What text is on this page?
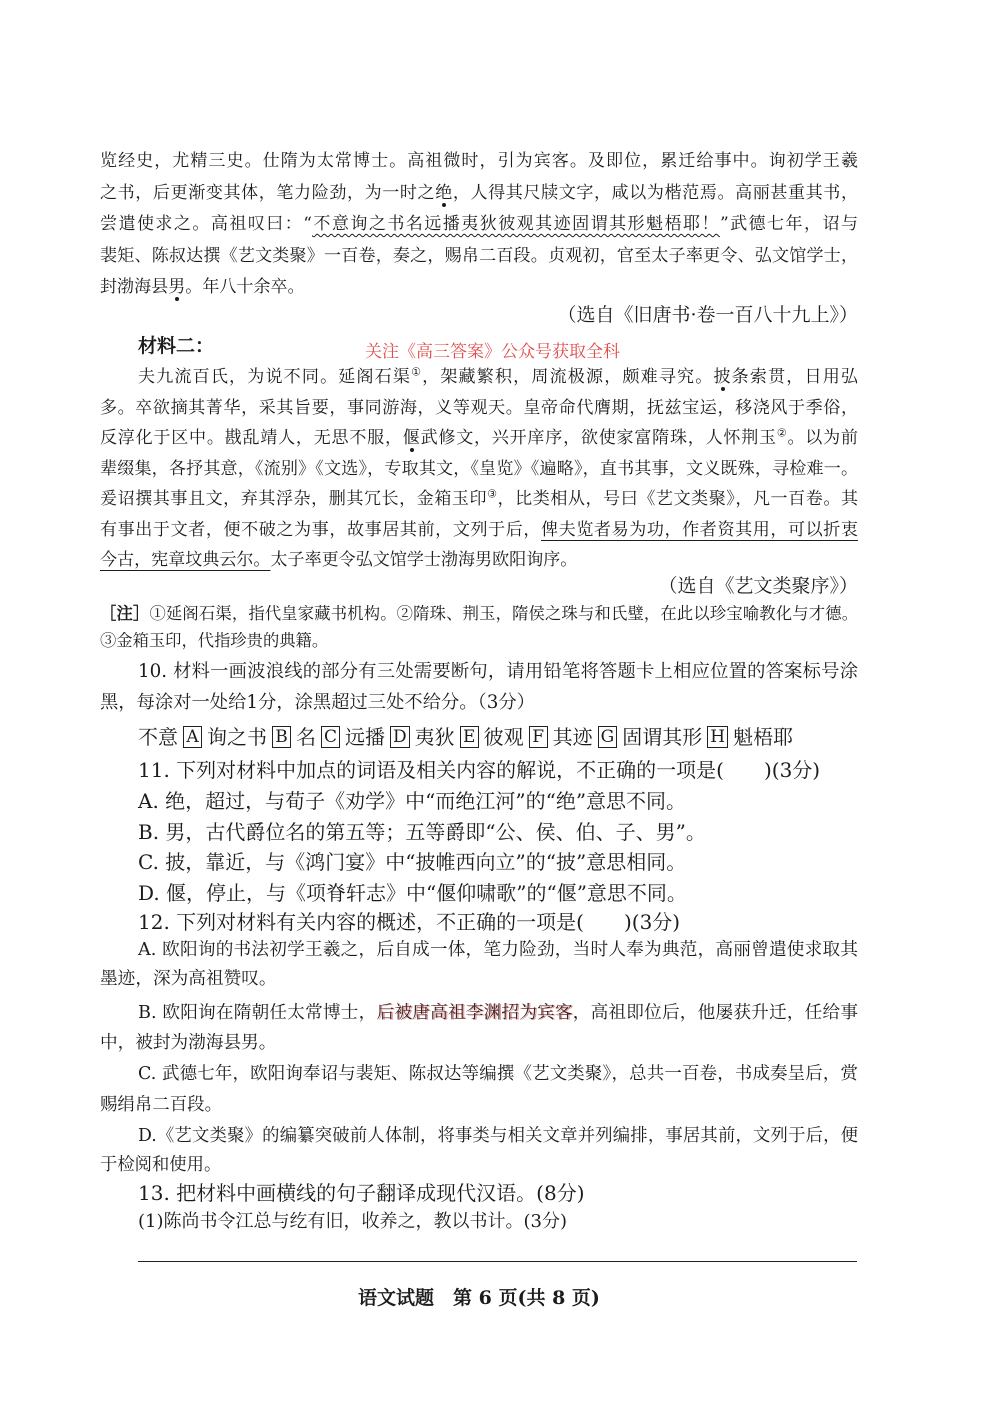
览经史，尤精三史。仕隋为太常博士。高祖微时，引为宾客。及即位，累迁给事中。询初学王羲
之书，后更渐变其体，笔力险劲，为一时之绝，人得其尺牍文字，咸以为楷范焉。高丽甚重其书，
尝遣使求之。高祖叹曰：“不意询之书名远播夷狄彼观其迹固谓其形魁梧耶！”武德七年，诏与
裴矩、陈叔达撰《艺文类聚》一百卷，奏之，赐帛二百段。贞观初，官至太子率更令、弘文馆学士，
封渤海县男。年八十余卒。
（选自《旧唐书·卷一百八十九上》）
材料二：	关注《高三答案》公众号获取全科
夫九流百氏，为说不同。延阁石渠①，架藏繁积，周流极源，颇难寻究。披条索贯，日用弘
多。卒欲摘其菁华，采其旨要，事同游海，义等观天。皇帝命代膺期，抚兹宝运，移浇风于季俗，
反淳化于区中。戡乱靖人，无思不服，偃武修文，兴开庠序，欲使家富隋珠，人怀荆玉②。以为前
辈缀集，各抒其意，《流别》《文选》，专取其文，《皇览》《遍略》，直书其事，文义既殊，寻检难一。
爰诏撰其事且文，弃其浮杂，删其冗长，金箱玉印③，比类相从，号曰《艺文类聚》，凡一百卷。其
有事出于文者，便不破之为事，故事居其前，文列于后，俾夫览者易为功，作者资其用，可以折衷
今古，宪章坟典云尔。太子率更令弘文馆学士渤海男欧阳询序。
（选自《艺文类聚序》）
［注］①延阁石渠，指代皇家藏书机构。②隋珠、荆玉，隋侯之珠与和氏璧，在此以珍宝喻教化与才德。
③金箱玉印，代指珍贵的典籍。
10. 材料一画波浪线的部分有三处需要断句，请用铅笔将答题卡上相应位置的答案标号涂
黑，每涂对一处给1分，涂黑超过三处不给分。（3分）
不意 A 询之书 B 名 C 远播 D 夷狄 E 彼观 F 其迹 G 固谓其形 H 魁梧耶
11. 下列对材料中加点的词语及相关内容的解说，不正确的一项是(　　)(3分)
A. 绝，超过，与荀子《劝学》中“而绝江河”的“绝”意思不同。
B. 男，古代爵位名的第五等；五等爵即“公、侯、伯、子、男”。
C. 披，靠近，与《鸿门宴》中“披帷西向立”的“披”意思相同。
D. 偃，停止，与《项脊轩志》中“偃仰啸歌”的“偃”意思不同。
12. 下列对材料有关内容的概述，不正确的一项是(　　)(3分)
A. 欧阳询的书法初学王羲之，后自成一体，笔力险劲，当时人奉为典范，高丽曾遣使求取其
墨迹，深为高祖赞叹。
B. 欧阳询在隋朝任太常博士，后被唐高祖李渊招为宾客，高祖即位后，他屡获升迁，任给事
中，被封为渤海县男。
C. 武德七年，欧阳询奉诏与裴矩、陈叔达等编撰《艺文类聚》，总共一百卷，书成奏呈后，赏
赐绢帛二百段。
D.《艺文类聚》的编纂突破前人体制，将事类与相关文章并列编排，事居其前，文列于后，便
于检阅和使用。
13. 把材料中画横线的句子翻译成现代汉语。(8分)
(1)陈尚书令江总与纥有旧，收养之，教以书计。(3分)
语文试题　第 6 页(共 8 页)
